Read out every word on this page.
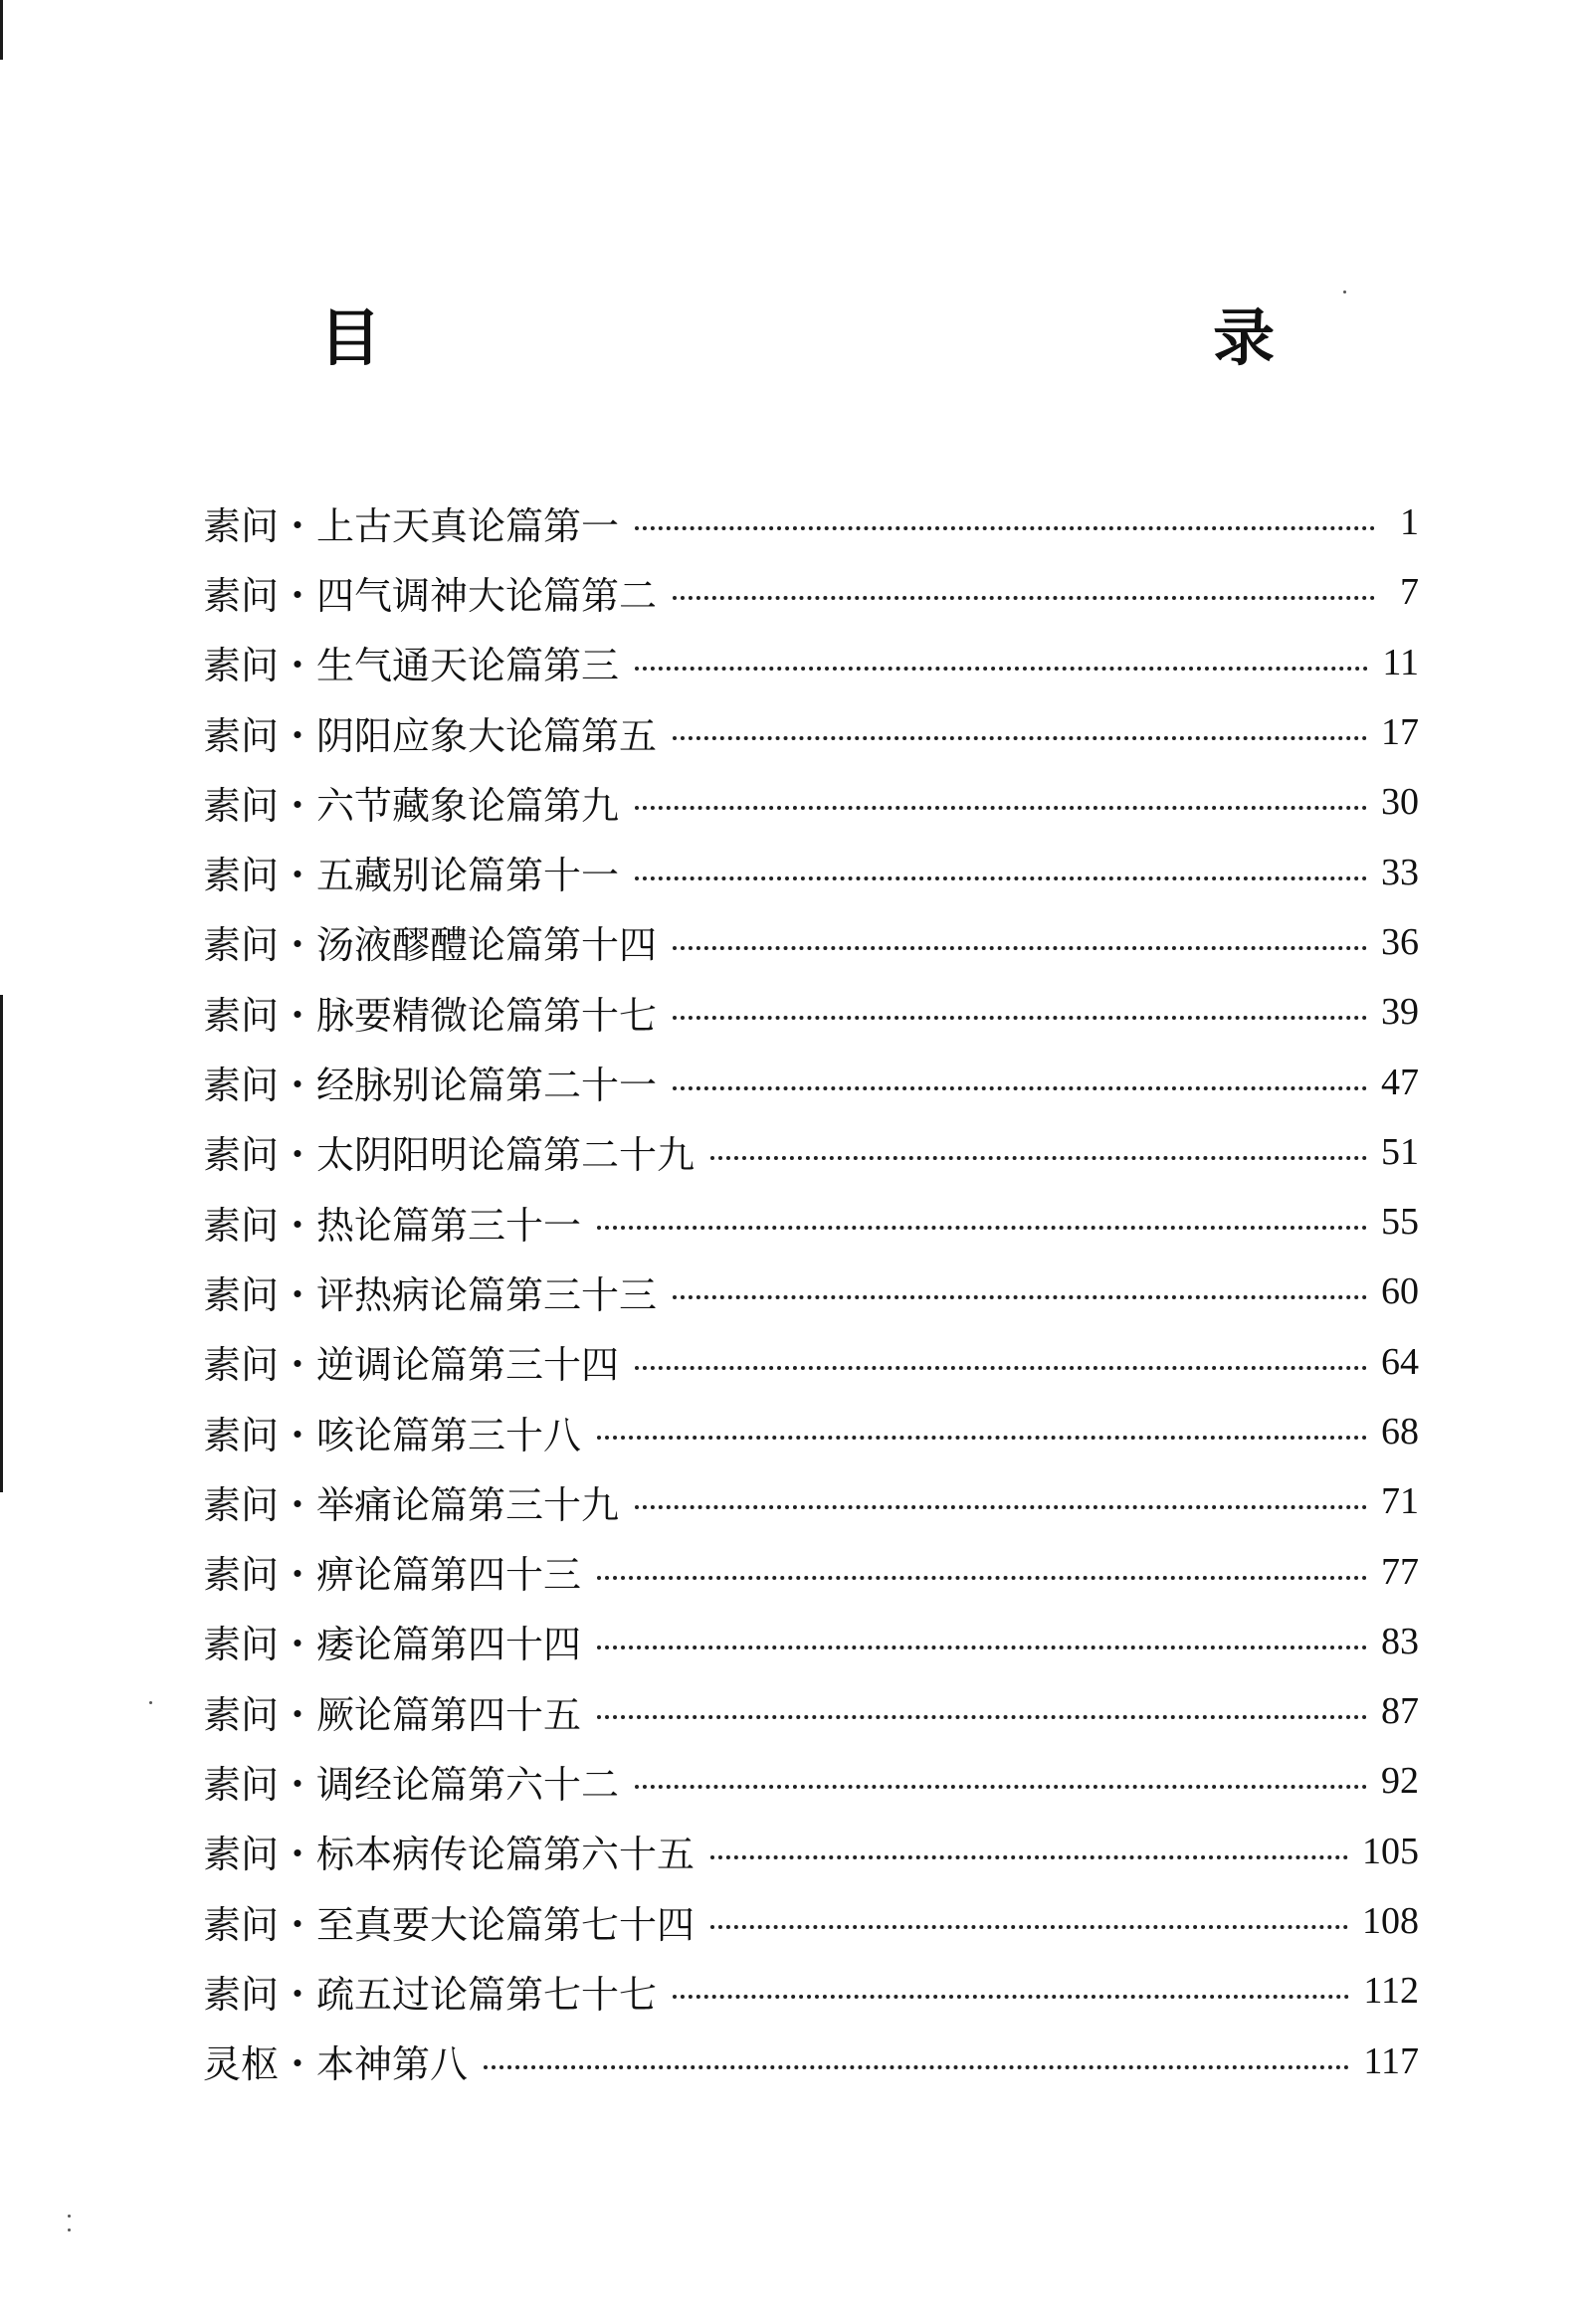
目    录
素问・上古天真论篇第一	1
素问・四气调神大论篇第二	7
素问・生气通天论篇第三	11
素问・阴阳应象大论篇第五	17
素问・六节藏象论篇第九	30
素问・五藏别论篇第十一	33
素问・汤液醪醴论篇第十四	36
素问・脉要精微论篇第十七	39
素问・经脉别论篇第二十一	47
素问・太阴阳明论篇第二十九	51
素问・热论篇第三十一	55
素问・评热病论篇第三十三	60
素问・逆调论篇第三十四	64
素问・咳论篇第三十八	68
素问・举痛论篇第三十九	71
素问・痹论篇第四十三	77
素问・痿论篇第四十四	83
素问・厥论篇第四十五	87
素问・调经论篇第六十二	92
素问・标本病传论篇第六十五	105
素问・至真要大论篇第七十四	108
素问・疏五过论篇第七十七	112
灵枢・本神第八	117
